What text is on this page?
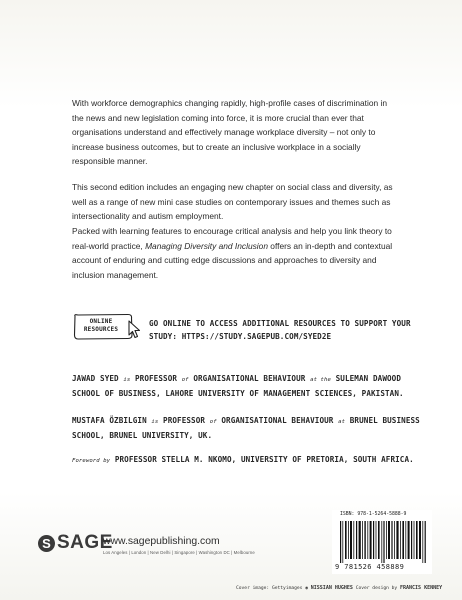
With workforce demographics changing rapidly, high-profile cases of discrimination in the news and new legislation coming into force, it is more crucial than ever that organisations understand and effectively manage workplace diversity – not only to increase business outcomes, but to create an inclusive workplace in a socially responsible manner.

This second edition includes an engaging new chapter on social class and diversity, as well as a range of new mini case studies on contemporary issues and themes such as intersectionality and autism employment.

Packed with learning features to encourage critical analysis and help you link theory to real-world practice, Managing Diversity and Inclusion offers an in-depth and contextual account of enduring and cutting edge discussions and approaches to diversity and inclusion management.

ONLINE
RESOURCES

GO ONLINE TO ACCESS ADDITIONAL RESOURCES TO SUPPORT YOUR STUDY: HTTPS://STUDY.SAGEPUB.COM/SYED2E

JAWAD SYED is PROFESSOR of ORGANISATIONAL BEHAVIOUR at the SULEMAN DAWOOD SCHOOL OF BUSINESS, LAHORE UNIVERSITY OF MANAGEMENT SCIENCES, PAKISTAN.

MUSTAFA ÖZBILGIN is PROFESSOR of ORGANISATIONAL BEHAVIOUR at BRUNEL BUSINESS SCHOOL, BRUNEL UNIVERSITY, UK.

Foreword by PROFESSOR STELLA M. NKOMO, UNIVERSITY OF PRETORIA, SOUTH AFRICA.

S SAGE
www.sagepublishing.com
Los Angeles | London | New Delhi | Singapore | Washington DC | Melbourne
ISBN: 978-1-5264-5888-9
9 781526 458889
Cover image: Gettyimages ◉ NISSIAN HUGHES Cover design by FRANCIS KENNEY
